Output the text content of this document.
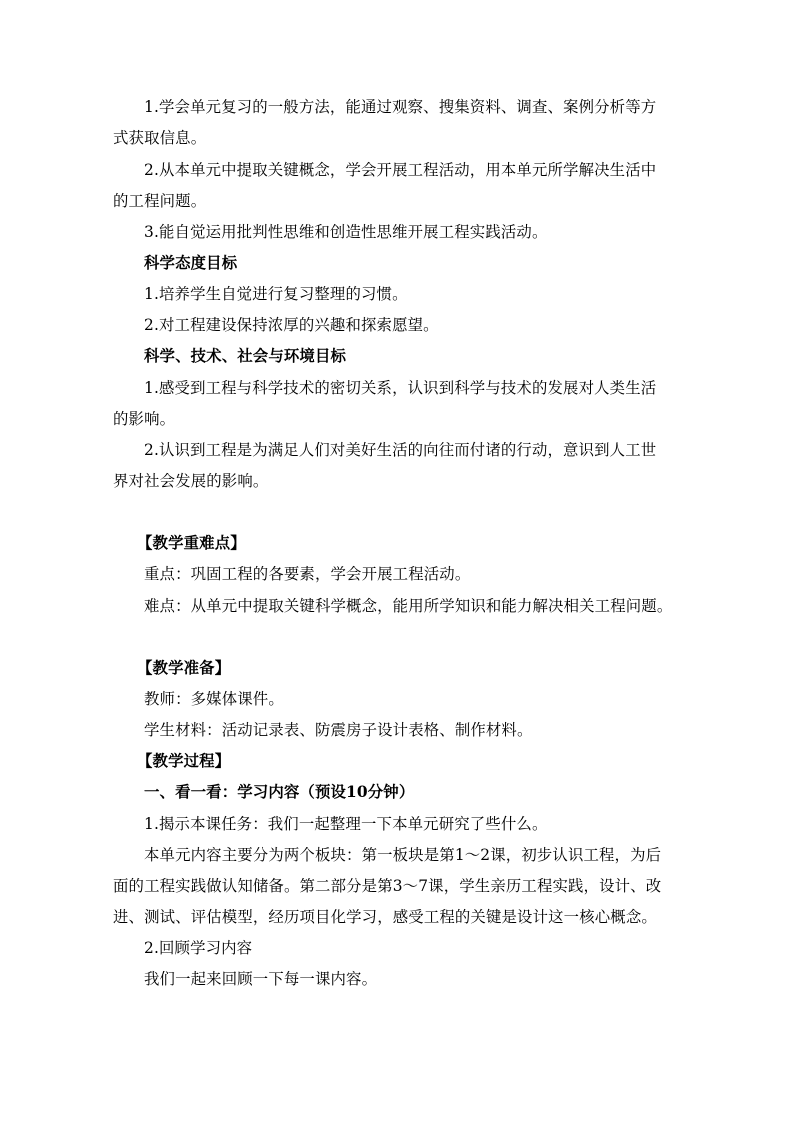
1.学会单元复习的一般方法，能通过观察、搜集资料、调查、案例分析等方
式获取信息。
2.从本单元中提取关键概念，学会开展工程活动，用本单元所学解决生活中
的工程问题。
3.能自觉运用批判性思维和创造性思维开展工程实践活动。
科学态度目标
1.培养学生自觉进行复习整理的习惯。
2.对工程建设保持浓厚的兴趣和探索愿望。
科学、技术、社会与环境目标
1.感受到工程与科学技术的密切关系，认识到科学与技术的发展对人类生活
的影响。
2.认识到工程是为满足人们对美好生活的向往而付诸的行动，意识到人工世
界对社会发展的影响。
【教学重难点】
重点：巩固工程的各要素，学会开展工程活动。
难点：从单元中提取关键科学概念，能用所学知识和能力解决相关工程问题。
【教学准备】
教师：多媒体课件。
学生材料：活动记录表、防震房子设计表格、制作材料。
【教学过程】
一、看一看：学习内容（预设10分钟）
1.揭示本课任务：我们一起整理一下本单元研究了些什么。
本单元内容主要分为两个板块：第一板块是第1～2课，初步认识工程，为后
面的工程实践做认知储备。第二部分是第3～7课，学生亲历工程实践，设计、改
进、测试、评估模型，经历项目化学习，感受工程的关键是设计这一核心概念。
2.回顾学习内容
我们一起来回顾一下每一课内容。
